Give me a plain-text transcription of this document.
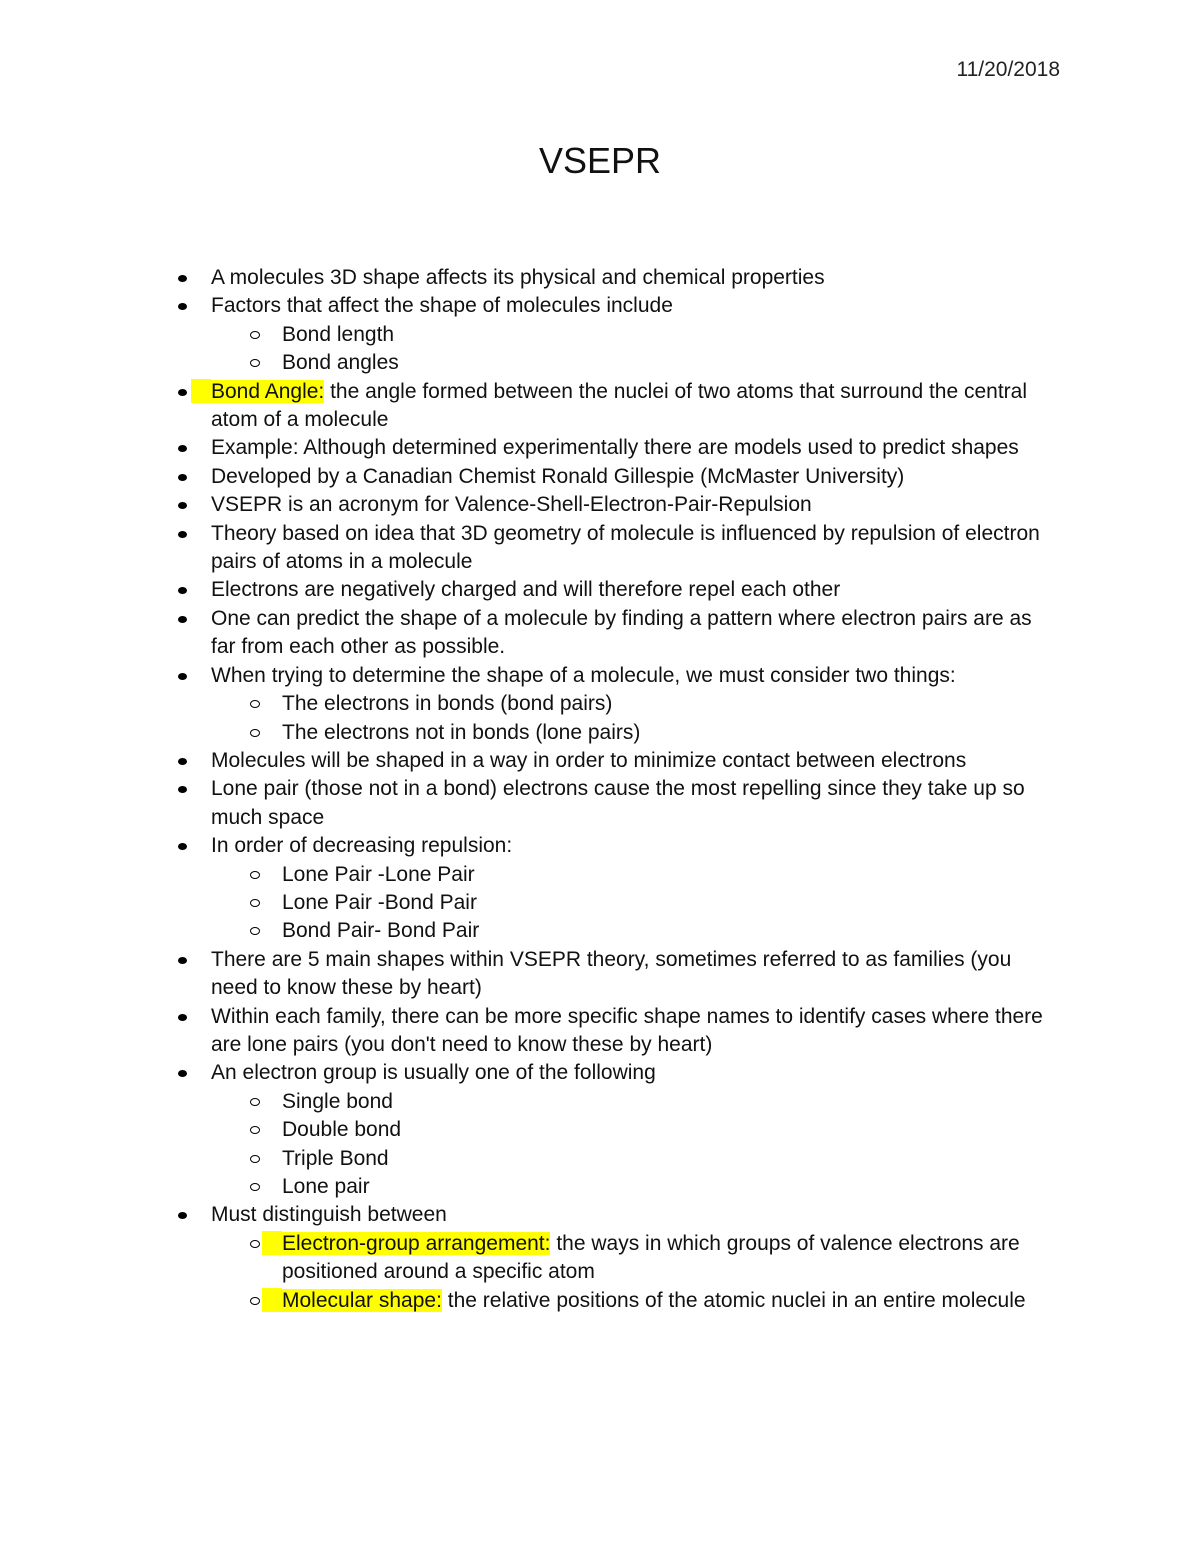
11/20/2018
VSEPR
A molecules 3D shape affects its physical and chemical properties
Factors that affect the shape of molecules include
Bond length
Bond angles
Bond Angle: the angle formed between the nuclei of two atoms that surround the central atom of a molecule
Example: Although determined experimentally there are models used to predict shapes
Developed by a Canadian Chemist Ronald Gillespie (McMaster University)
VSEPR is an acronym for Valence-Shell-Electron-Pair-Repulsion
Theory based on idea that 3D geometry of molecule is influenced by repulsion of electron pairs of atoms in a molecule
Electrons are negatively charged and will therefore repel each other
One can predict the shape of a molecule by finding a pattern where electron pairs are as far from each other as possible.
When trying to determine the shape of a molecule, we must consider two things:
The electrons in bonds (bond pairs)
The electrons not in bonds (lone pairs)
Molecules will be shaped in a way in order to minimize contact between electrons
Lone pair (those not in a bond) electrons cause the most repelling since they take up so much space
In order of decreasing repulsion:
Lone Pair -Lone Pair
Lone Pair -Bond Pair
Bond Pair- Bond Pair
There are 5 main shapes within VSEPR theory, sometimes referred to as families (you need to know these by heart)
Within each family, there can be more specific shape names to identify cases where there are lone pairs (you don't need to know these by heart)
An electron group is usually one of the following
Single bond
Double bond
Triple Bond
Lone pair
Must distinguish between
Electron-group arrangement: the ways in which groups of valence electrons are positioned around a specific atom
Molecular shape: the relative positions of the atomic nuclei in an entire molecule
